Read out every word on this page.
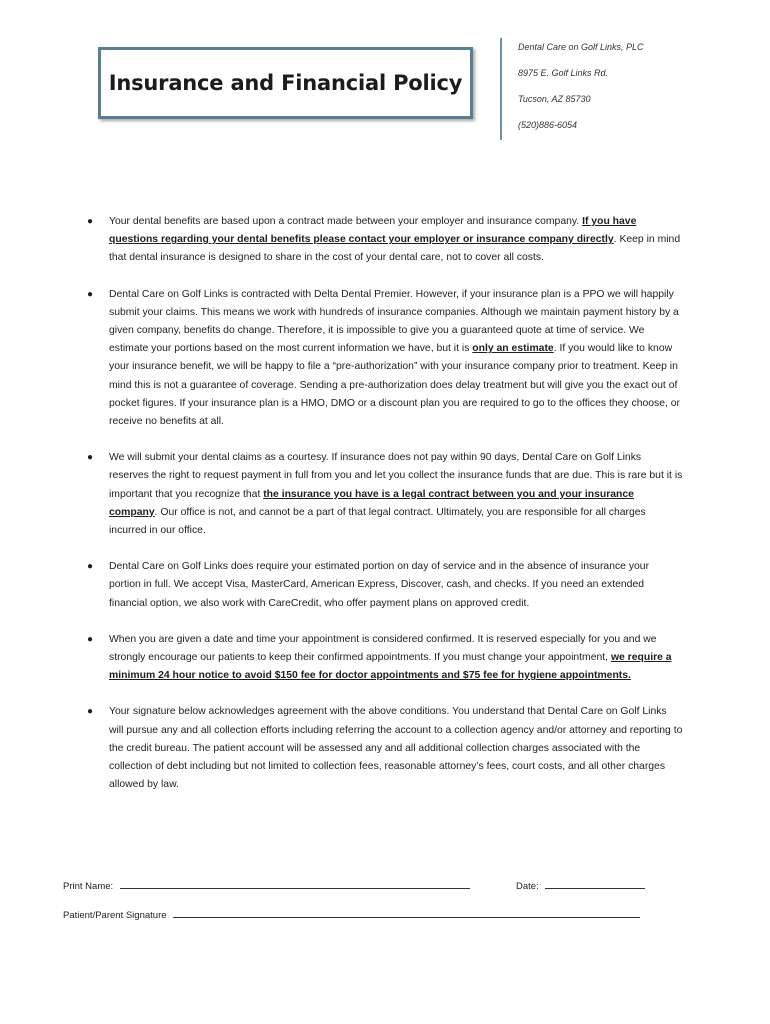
Insurance and Financial Policy
Dental Care on Golf Links, PLC
8975 E. Golf Links Rd.
Tucson, AZ 85730
(520)886-6054
● Your dental benefits are based upon a contract made between your employer and insurance company. If you have questions regarding your dental benefits please contact your employer or insurance company directly. Keep in mind that dental insurance is designed to share in the cost of your dental care, not to cover all costs.
● Dental Care on Golf Links is contracted with Delta Dental Premier. However, if your insurance plan is a PPO we will happily submit your claims. This means we work with hundreds of insurance companies. Although we maintain payment history by a given company, benefits do change. Therefore, it is impossible to give you a guaranteed quote at time of service. We estimate your portions based on the most current information we have, but it is only an estimate. If you would like to know your insurance benefit, we will be happy to file a “pre-authorization” with your insurance company prior to treatment. Keep in mind this is not a guarantee of coverage. Sending a pre-authorization does delay treatment but will give you the exact out of pocket figures. If your insurance plan is a HMO, DMO or a discount plan you are required to go to the offices they choose, or receive no benefits at all.
● We will submit your dental claims as a courtesy. If insurance does not pay within 90 days, Dental Care on Golf Links reserves the right to request payment in full from you and let you collect the insurance funds that are due. This is rare but it is important that you recognize that the insurance you have is a legal contract between you and your insurance company. Our office is not, and cannot be a part of that legal contract. Ultimately, you are responsible for all charges incurred in our office.
● Dental Care on Golf Links does require your estimated portion on day of service and in the absence of insurance your portion in full. We accept Visa, MasterCard, American Express, Discover, cash, and checks. If you need an extended financial option, we also work with CareCredit, who offer payment plans on approved credit.
● When you are given a date and time your appointment is considered confirmed. It is reserved especially for you and we strongly encourage our patients to keep their confirmed appointments. If you must change your appointment, we require a minimum 24 hour notice to avoid $150 fee for doctor appointments and $75 fee for hygiene appointments.
● Your signature below acknowledges agreement with the above conditions. You understand that Dental Care on Golf Links will pursue any and all collection efforts including referring the account to a collection agency and/or attorney and reporting to the credit bureau. The patient account will be assessed any and all additional collection charges associated with the collection of debt including but not limited to collection fees, reasonable attorney’s fees, court costs, and all other charges allowed by law.
Print Name:	Date:
Patient/Parent Signature
